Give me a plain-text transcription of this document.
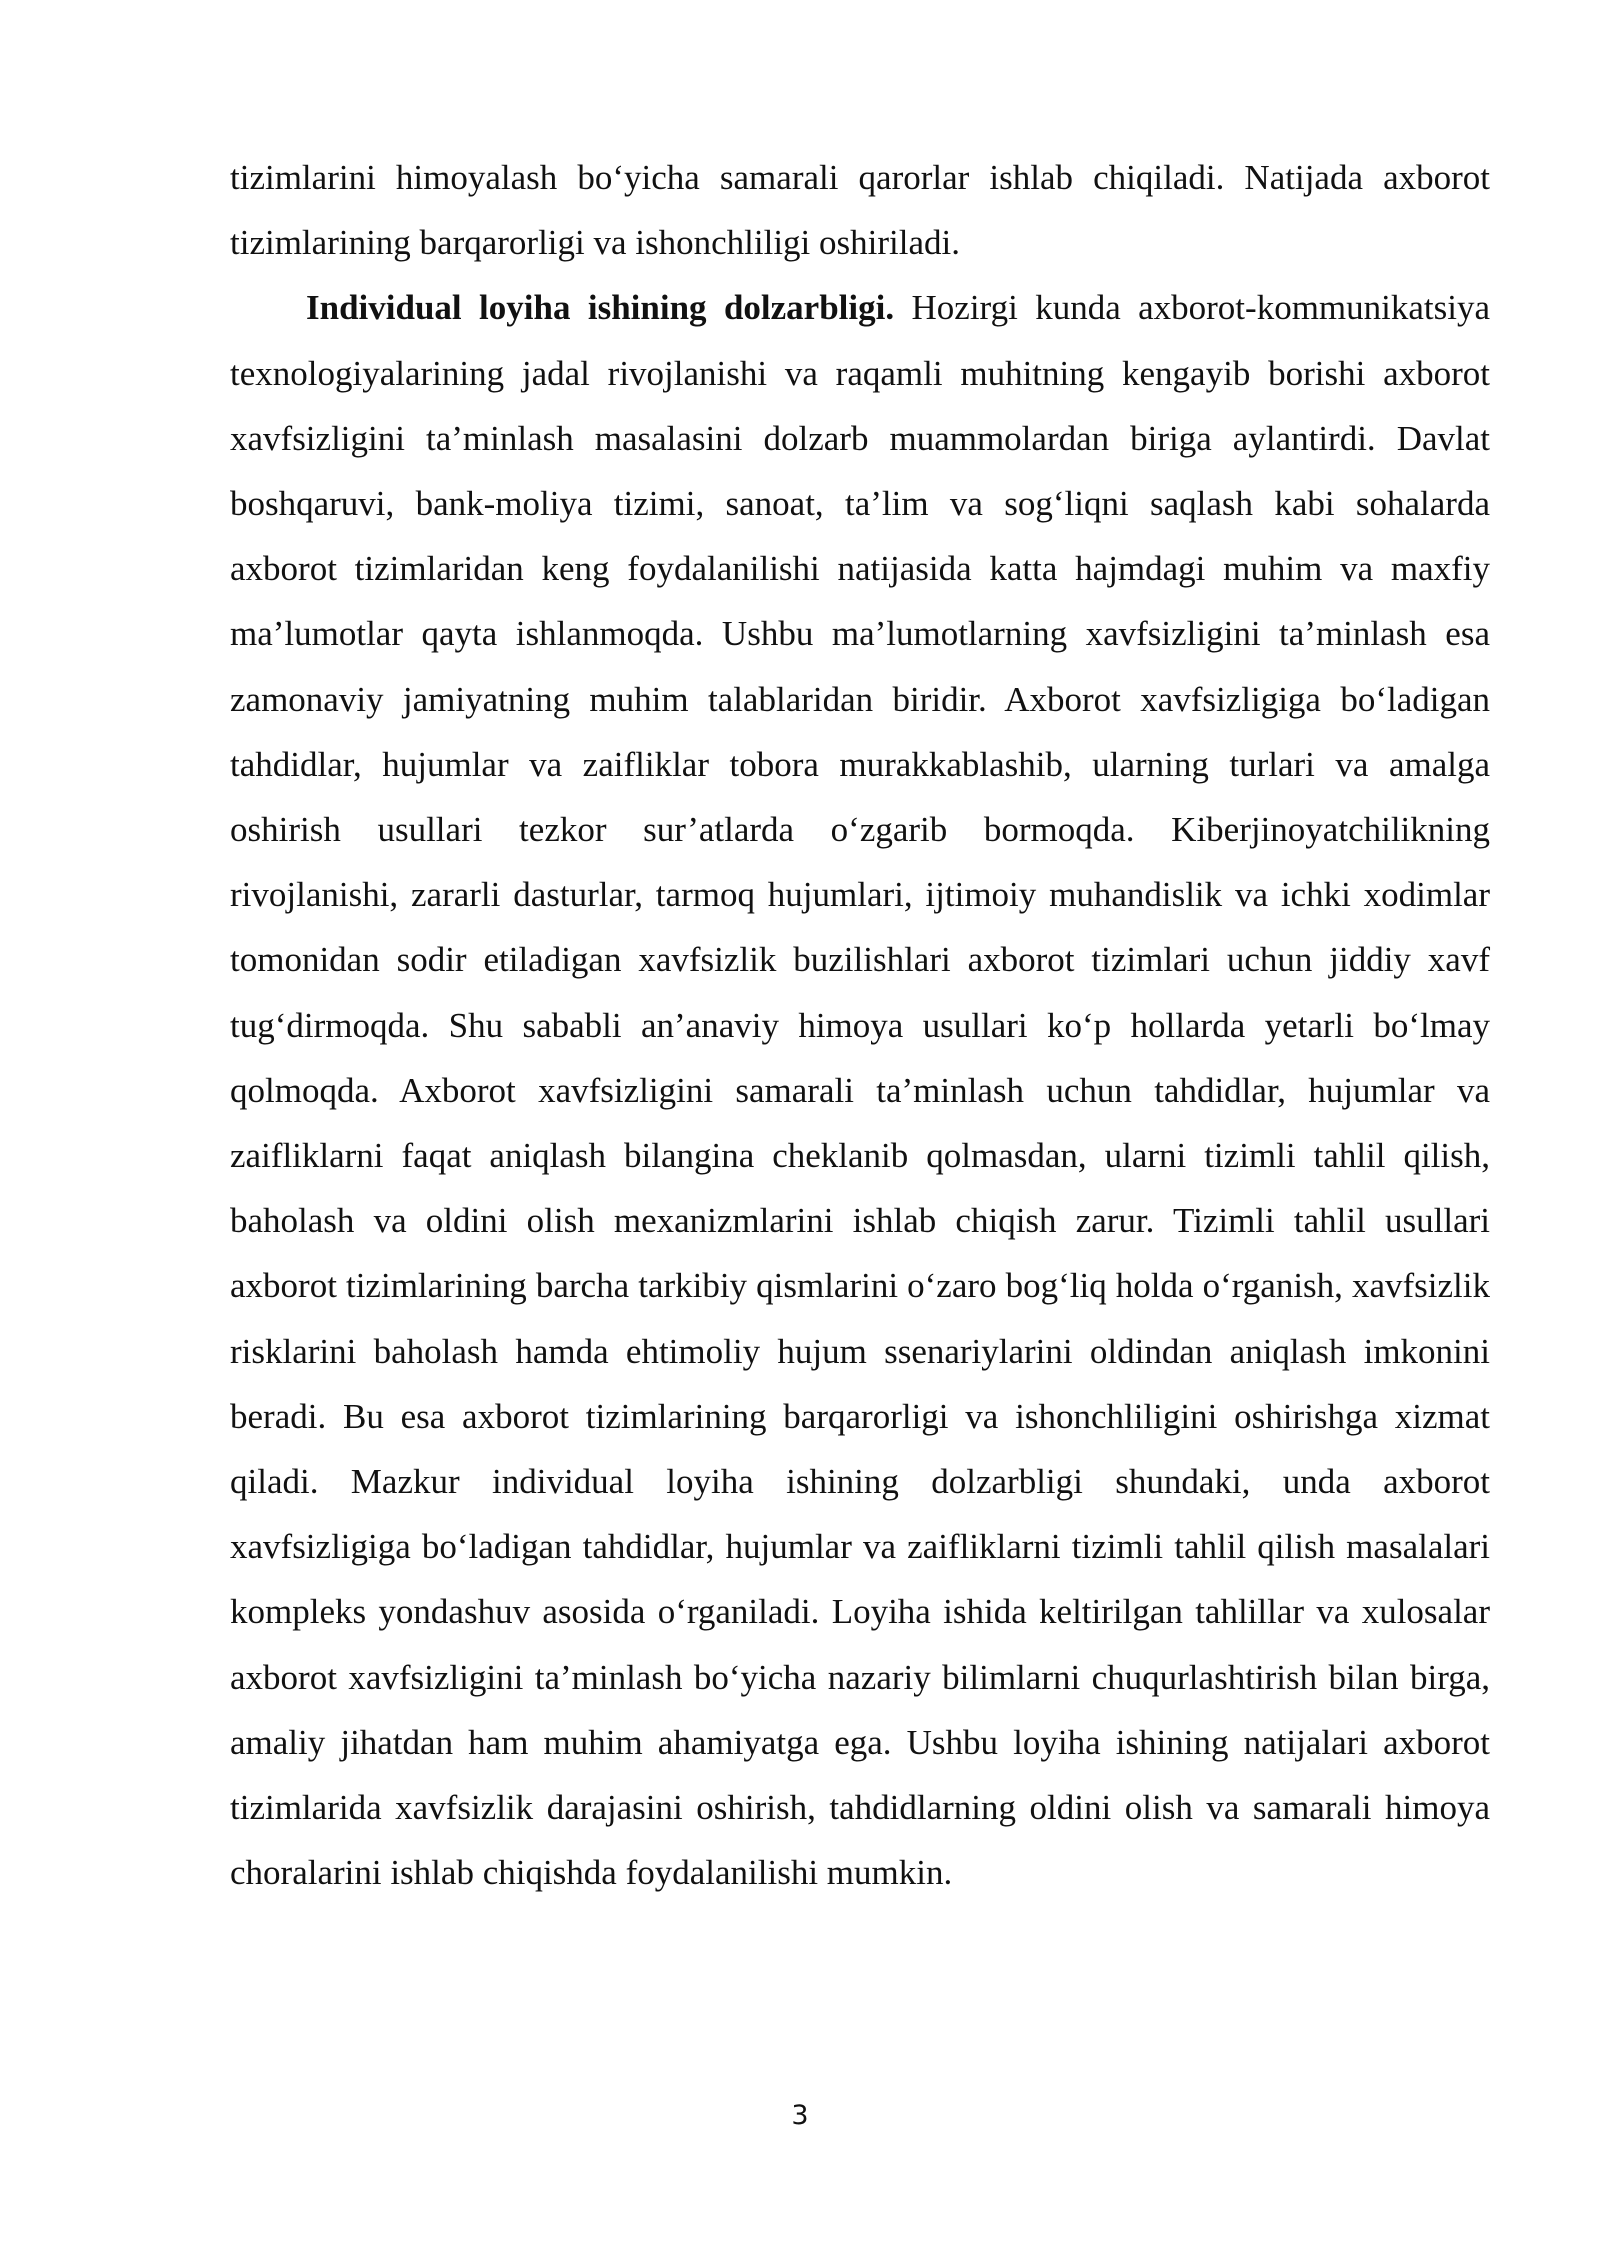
tizimlarini himoyalash bo‘yicha samarali qarorlar ishlab chiqiladi. Natijada axborot tizimlarining barqarorligi va ishonchliligi oshiriladi.

Individual loyiha ishining dolzarbligi. Hozirgi kunda axborot-kommunikatsiya texnologiyalarining jadal rivojlanishi va raqamli muhitning kengayib borishi axborot xavfsizligini ta’minlash masalasini dolzarb muammolardan biriga aylantirdi. Davlat boshqaruvi, bank-moliya tizimi, sanoat, ta’lim va sog‘liqni saqlash kabi sohalarda axborot tizimlaridan keng foydalanilishi natijasida katta hajmdagi muhim va maxfiy ma’lumotlar qayta ishlanmoqda. Ushbu ma’lumotlarning xavfsizligini ta’minlash esa zamonaviy jamiyatning muhim talablaridan biridir. Axborot xavfsizligiga bo‘ladigan tahdidlar, hujumlar va zaifliklar tobora murakkablashib, ularning turlari va amalga oshirish usullari tezkor sur’atlarda o‘zgarib bormoqda. Kiberjinoyatchilikning rivojlanishi, zararli dasturlar, tarmoq hujumlari, ijtimoiy muhandislik va ichki xodimlar tomonidan sodir etiladigan xavfsizlik buzilishlari axborot tizimlari uchun jiddiy xavf tug‘dirmoqda. Shu sababli an’anaviy himoya usullari ko‘p hollarda yetarli bo‘lmay qolmoqda. Axborot xavfsizligini samarali ta’minlash uchun tahdidlar, hujumlar va zaifliklarni faqat aniqlash bilangina cheklanib qolmasdan, ularni tizimli tahlil qilish, baholash va oldini olish mexanizmlarini ishlab chiqish zarur. Tizimli tahlil usullari axborot tizimlarining barcha tarkibiy qismlarini o‘zaro bog‘liq holda o‘rganish, xavfsizlik risklarini baholash hamda ehtimoliy hujum ssenariylarini oldindan aniqlash imkonini beradi. Bu esa axborot tizimlarining barqarorligi va ishonchliligini oshirishga xizmat qiladi. Mazkur individual loyiha ishining dolzarbligi shundaki, unda axborot xavfsizligiga bo‘ladigan tahdidlar, hujumlar va zaifliklarni tizimli tahlil qilish masalalari kompleks yondashuv asosida o‘rganiladi. Loyiha ishida keltirilgan tahlillar va xulosalar axborot xavfsizligini ta’minlash bo‘yicha nazariy bilimlarni chuqurlashtirish bilan birga, amaliy jihatdan ham muhim ahamiyatga ega. Ushbu loyiha ishining natijalari axborot tizimlarida xavfsizlik darajasini oshirish, tahdidlarning oldini olish va samarali himoya choralarini ishlab chiqishda foydalanilishi mumkin.

3
